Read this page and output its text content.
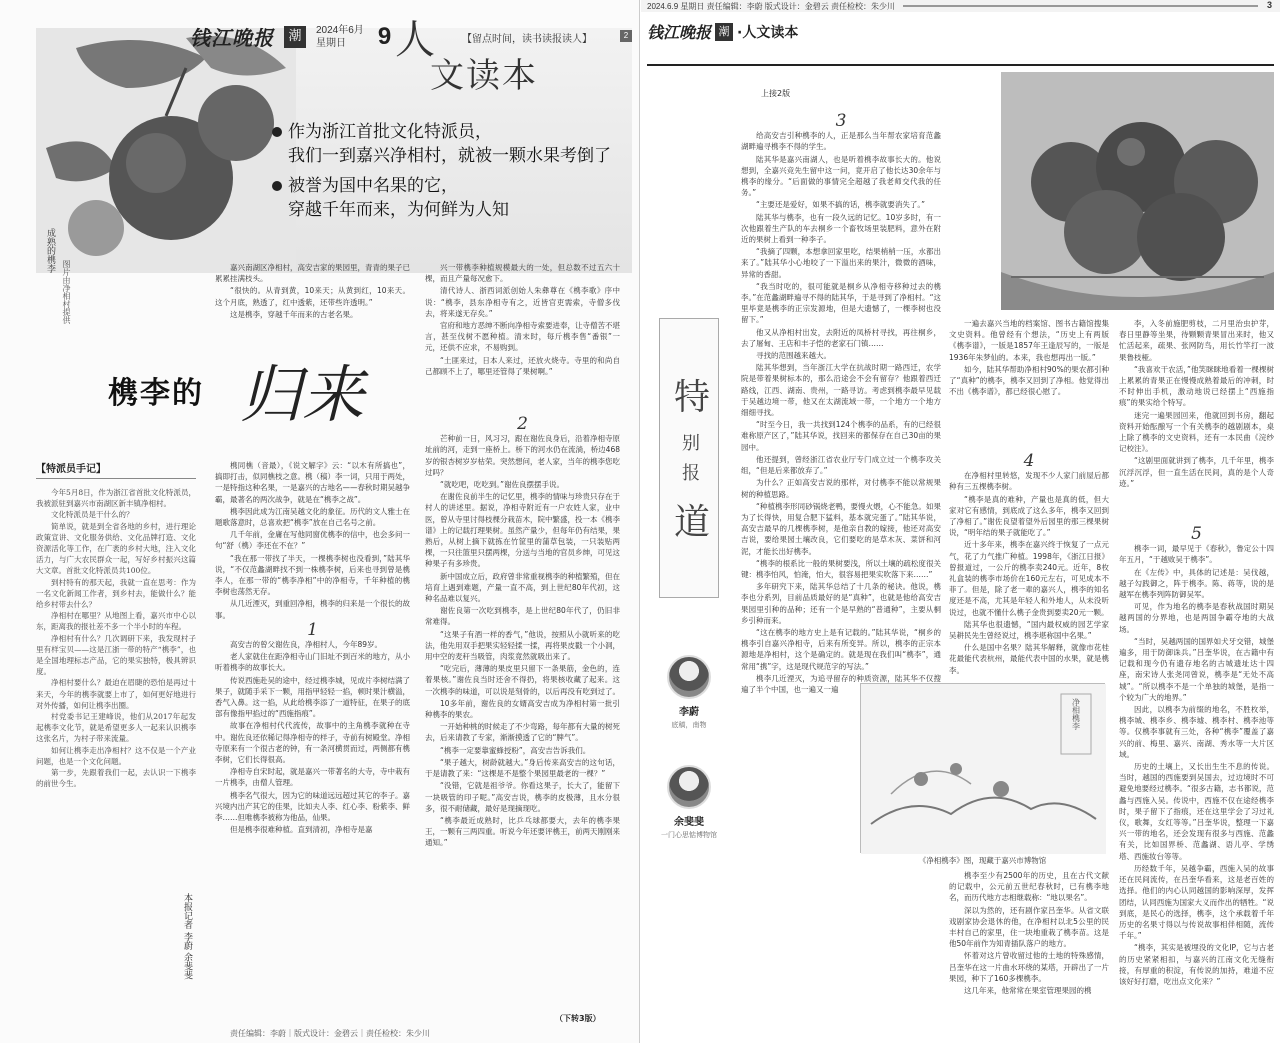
钱江晚报	潮	2024年6月
星期日	9 人
文读本
【留点时间，读书读报读人】	2
作为浙江首批文化特派员，
我们一到嘉兴净相村，就被一颗水果考倒了
被誉为国中名果的它，
穿越千年而来，为何鲜为人知
成熟的槜李
图片由净相村提供
槜李的 归来
【特派员手记】

今年5月8日，作为浙江省首批文化特派员，我被派驻到嘉兴市南湖区新丰镇净相村。

文化特派员是干什么的？

简单说，就是到全省各地的乡村，进行理论政策宣讲、文化服务供给、文化品牌打造、文化资源活化等工作，在广袤的乡村大地，注入文化活力，与广大农民群众一起，写好乡村振兴这篇大文章。首批文化特派员共100位。

到村特有的那天起，我就一直在思考：作为一名文化新闻工作者，到乡村去，能做什么？能给乡村带去什么？

净相村在哪里？从地图上看，嘉兴市中心以东，距离我的报社差不多一个半小时的车程。

净相村有什么？几次调研下来，我发现村子里有样宝贝——这是江浙一带的特产“槜李”，也是全国地理标志产品，它的果实独特，极具辨识度。

净相村要什么？最迫在眉睫的恐怕是再过十来天，今年的槜李就要上市了，如何更好地进行对外传播，如何让槜李出圈。

村党委书记王建峰说，他们从2017年起发起槜李文化节，就是希望更多人一起来认识槜李这张名片，为村子带来流量。

如何让槜李走出净相村？这不仅是一个产业问题，也是一个文化问题。

第一步，先跟着我们一起，去认识一下槜李的前世今生。

本报记者 李蔚 余斐斐

嘉兴南湖区净相村，高安吉家的果园里，青青的果子已累累挂满枝头。

“很快的。从青到黄，10来天；从黄到红，10来天。这个月底，熟透了，红中透紫，还带些许透明。”

这是槜李，穿越千年而来的古老名果。

兴一带槜李种植规模最大的一处，但总数不过五六十棵，而且产量每况愈下。

清代诗人、浙西词派创始人朱彝尊在《槜李歌》序中说：“槜李，县东净相寺有之，近皆官吏需索，寺僧多伐去，将来遂无存矣。”

官府和地方恶绅不断向净相寺索要进奉，让寺僧苦不堪言，甚至伐树不愿种植。清末时，每斤槜李售“番银”一元，还供不应求，不易购到。

“土匪来过，日本人来过，还放火烧寺。寺里的和尚自己都顾不上了，哪里还管得了果树啊。”

槜同樵（音最），《说文解字》云：“以木有所搞也”，搞即打击，似同樵枝之意。槜（稿）李一词，只用于两处，一是特指这种名果，一是嘉兴的古地名——春秋时期吴越争霸，最著名的两次战争，就是在“槜李之战”。

槜李因此成为江南吴越文化的象征。历代的文人雅士在题歌落意时，总喜欢把“槜李”放在自己名号之前。

几千年前，金庸在写他同窗优槜李的信中，也会多问一句“舒（槜）李还在不在？”

“我在那一带找了半天，一棵槜李树也没看到，”陆其华说，“不仅范蠡湖畔找不到一株槜李树，后来也寻到曾是槜李人，在那一带的“槜李净相”中的净相寺，千年种植的槜李树也荡然无存。

从几近湮灭，到重回净相，槜李的归来是一个很长的故事。

1

高安吉的曾父谢佐良，净相村人，今年89岁。

老人家就住在距净相寺山门旧址不到百米的地方，从小听着槜李的故事长大。

传说西施赴吴的途中，经过槜李城，见成片李树结满了果子，就随手采下一颗，用指甲轻轻一掐，顿时果汁横溢，香气入鼻。这一掐，从此给槜李添了一道特征，在果子的底部有像指甲掐过的“西施指痕”。

故事在净相村代代流传，故事中的主角槜李就种在寺中。谢佐良还依稀记得净相寺的样子，寺前有树殿堂。净相寺原来有一个很古老的钟，有一条河横贯而过，两侧都有槜李树，它们长得很高。

净相寺自宋时起，就是嘉兴一带著名的大寺，寺中栽有一片槜李，由僧人管理。

槜李名气很大，因为它的味道远远超过其它的李子。嘉兴境内出产其它的佳果，比如夫人李、红心李、粉紫李、鲜李……但唯槜李被称为他品，仙果。

但是槜李很难种植。直到清初，净相寺是嘉

2

芒种前一日，风习习，跟在谢佐良身后，沿着净相寺原址前的河，走到一座桥上。桥下的河水仍在流淌，桥边468岁的银杏树岁岁枯荣。突然想问，老人家，当年的槜李您吃过吗？

“就吃吧，吃吃到。”谢佐良摆摆手说。

在谢佐良前半生的记忆里，槜李的情味与珍贵只存在于村人的讲述里。据说，净相寺附近有一户农姓人家，业中医，曾从寺里讨得枝棵分栽苗木，院中繁盛，投一本《槜李谱》上的记载打理果树。虽然产量少，但每年仍有结果，果熟后，从树上摘下就拣在竹筐里的蒲草包装，一只装贴两棵，一只往篮里只摆两棵，分送与当地的官员乡绅，可见这种果子有多珍贵。

新中国成立后，政府曾非常重视槜李的种植繁殖，但在培育上遇到难题，产量一直不高，到上世纪80年代初，这种名品难以复兴。

谢佐良第一次吃到槜李，是上世纪80年代了，仍旧非常难得。

“这果子有酒一样的香气，”他说，按照从小就听来的吃法，他先用双手把果实轻轻揉一揉，再将果皮戳一个小洞，用中空的麦秆当吸管，肉浆竟然就吸出来了。

“吃完后，薄薄的果皮里只留下一条果筋，金色的，连着果核。”谢佐良当时还舍不得扔，将果核收藏了起来。这一次槜李的味道，可以说是刻骨的，以后再没有吃到过了。

10多年前，谢佐良的女婿高安吉成为净相村第一批引种槜李的果农。

一开始种桃的时候走了不少弯路，每年都有大量的树死去，后来请教了专家，渐渐摸透了它的“脾气”。

“槜李一定要靠蜜蜂授粉”，高安吉告诉我们。

“果子越大，树龄就越大。”身后传来高安吉的这句话，于是请教了来：“这棵是不是整个果园里最老的一棵？”

“没错，它就是祖爷爷。你看这果子，长大了，能留下一块吸管的印子呢。”高安吉说，槜李的皮极薄，且水分很多，很不耐储藏，最好是现摘现吃。

“槜李最近成熟时，比乒乓球都要大，去年的槜李果王，一颗有三两四重。听说今年还要评槜王，前两天刚刚来通知。”

（下转3版）
责任编辑：李蔚｜版式设计：金碧云｜责任检校：朱少川
2024.6.9 星期日 责任编辑：李蔚 版式设计：金碧云 责任检校：朱少川	3
钱江晚报 潮 ·人文读本
上接2版
特
别
报
道
李蔚
底稿，南物
余斐斐
一门心思惦博物馆
3

给高安吉引种槜李的人，正是那么当年帮农家培育范蠡湖畔遍寻槜李不得的学生。

陆其华是嘉兴南湖人，也是听着槜李故事长大的。他说想到，全嘉兴竞先生留中这一问，竟开启了他长达30余年与槜李的缘分。“后面做的事情完全超越了我老师交代我的任务。”

“主要还是爱好，如果不搞的话，槜李就要消失了。”

陆其华与槜李，也有一段久远的记忆。10岁多时，有一次他跟着生产队的车去桐乡一个畜牧场里装肥料，意外在附近的果树上看到一种李子。

“我摘了四颗，本想拿回家里吃，结果梢梢一压，水都出来了。”陆其华小心地咬了一下溢出来的果汁，微微的酒味，异常的香甜。

“我当时吃的，很可能就是桐乡从净相寺移种过去的槜李。”在范蠡湖畔遍寻不得的陆其华，于是寻到了净相村。“这里毕竟是槜李的正宗发源地，但是大遗憾了，一棵李树也没留下。”

他又从净相村出发，去附近的凤桥村寻找，再往桐乡，去了屠甸、王店和丰子恺的老家石门镇……

寻找的范围越来越大。

陆其华想到，当年浙江大学在抗战时期一路西迁，农学院是带着果树标本的，那么沿途会不会有留存？他跟着西迁路线，江西、湖南、贵州，一路寻访。考虑到槜李最早见载于吴越边境一带，他又在太湖流域一带，一个地方一个地方细细寻找。

“时至今日，我一共找到124个槜李的品系，有的已经很难称原产区了，”陆其华说，找回来的都保存在自己30亩的果园中。

他还提到，曾经浙江省农业厅专门成立过一个槜李攻关组，“但是后来都放弃了。”

为什么？正如高安吉说的那样，对付槜李不能以常规果树的种植思路。

“种植槜李形同砂锅烧老鸭，要慢火煨，心不能急。如果为了长得快，用复合肥下猛料，基本就完蛋了。”陆其华说，高安吉最早的几棵槜李树，是他亲自教的嫁接，他还对高安吉说，要给果园土壤改良，它们要吃的是草木灰、菜饼和河泥，才能长出好槜李。

“槜李的根系比一般的果树要浅，所以土壤的疏松度很关键：槜李怕风，怕淹，怕大，很容易把果实吹落下来……”

多年研究下来，陆其华总结了十几条的秘诀。他说，槜李也分系列，目前品质最好的是“真种”，也就是他给高安吉果园里引种的品种；还有一个是早熟的“普通种”，主要从桐乡引种而来。

“这在槜李的地方史上是有记载的。”陆其华说，“桐乡的槜李引自嘉兴净相寺，后来有所变异。所以，槜李的正宗本源地是净相村，这个是确定的。就是现在我们叫“槜李”，通常用“携”字，这是现代规范字的写法。”

槜李几近湮灭，为追寻留存的种质资源，陆其华不仅搜遍了半个中国，也一遍又一遍

一遍去嘉兴当地的档案馆、图书古籍馆搜集文史资料。他曾经有个想法，“历史上有两版《槜李谱》，一版是1857年王逢辰写的，一版是1936年朱梦仙的。本来，我也想再出一版。”

如今，陆其华帮助净相村90%的果农都引种了“真种”的槜李，槜李又回到了净相。他觉得出不出《槜李谱》，都已经很心慰了。

4

在净相村里转悠，发现不少人家门前屋后都种有三五棵槜李树。

“槜李是真的难种，产量也是真的低，但大家对它有感情，到底成了这么多年，槜李又回到了净相了。”谢佐良望着望外后园里的那三棵果树说，“明年结的果子就能吃了。”

近十多年来，槜李在嘉兴终于恢复了一点元气，花了力气推广种植。1998年，《浙江日报》曾报道过，一公斤的槜李卖240元。近年，8枚礼盒装的槜李市场价在160元左右，可见成本不菲了。但是，除了老一辈的嘉兴人，槜李的知名度还是不高，尤其是年轻人和外地人，从未没听说过，也就不懂什么槜子金贵到要卖20元一颗。

陆其华也很遗憾，“国内最权威的园艺学家吴耕民先生曾经说过，槜李堪称国中名果。”

什么是国中名果？陆其华解释，就像市花桂花最能代表杭州，最能代表中国的水果，就是槜李。

槜李至少有2500年的历史，且在古代文献的记载中，公元前五世纪春秋时，已有槜李地名，而历代地方志相继载称：“地以果名”。

深以为然的，还有剧作家吕奎华。从省文联戏剧家协会退休的他，在净相村以北5公里的民丰村自己的家里，住一块地重栽了槜李苗。这是他50年前作为知青插队落户的地方。

怀着对这片曾收留过他的土地的特殊感情，吕奎华在这一片曲水环绕的某塔，开辟出了一片果园，种下了160多棵槜李。

这几年来，他常常在果室管理果园的槜

净相槜李
《净相槜李》图，现藏于嘉兴市博物馆

李，入冬前施肥剪枝，二月里治虫护芽，春日里静等坐果，待颗颗青果冒出来时，他又忙活起来，疏果、张网防鸟，用长竹竿打一波果鲁枝桠。

“我喜欢干农活，”他笑眯眯地看着一棵棵树上累累的青果正在慢慢成熟着最后的冲刺，时不时伸出手机，激动地说已经摆上“西施指痕”的果实给个特写。

迷完一遍果园回来，他就回到书房，翻起资料开始酝酿写一个有关槜李的越剧剧本，桌上除了槜李的文史资料，还有一本民曲《浣纱记校注》。

“这剧里面就讲到了槜李，几千年里，槜李沉浮沉浮，但一直生活在民间，真的是个人奇迹。”

5

槜李一词，最早见于《春秋》，鲁定公十四年五月，“于越败吴于槜李”。

在《左传》中，具体的记述是：吴伐越，越子勾践御之，阵于槜李。陈、蒋等，说的是越军在槜李列阵防御吴军。

可见，作为地名的槜李是春秋战国时期吴越两国的分界地，也是两国争霸夺地的大战场。

“当时，吴越两国的国界如犬牙交错，城堡遍多，用于防御诛兵。”吕奎华说，在古籍中有记载和现今仍有遗存地名的古城遗址达十四座，南宋诗人张尧同曾说，槜李是“无处不高城”。“所以槜李不是一个单独的城堡，是指一个较为广大的地界。”

因此，以槜李为前缀的地名，不胜枚举，槜李城、槜李乡、槜李墟、槜李村、槜李池等等。仅槜李事就有三处，各种“槜李”覆盖了嘉兴的前、梅里、嘉兴、南湖、秀水等一大片区域。

历史的土壤上，又长出生生不息的传说。当时，越国的西施要到吴国去，过边境时不可避免地要经过槜李。“很多古籍，志书都说，范蠡与西施入吴。传说中，西施不仅在途经槜李时，果子留下了指痕，还在这里学会了习过礼仪，歌舞，女红等等。”吕奎华说，整理一下嘉兴一带的地名，还会发现有很多与西施、范蠡有关，比如国界桥、范蠡湖、语儿亭、学绣塔、西施妆台等等。

历经数千年，吴越争霸，西施入吴的故事还在民间流传，在吕奎华看来，这是老百姓的选择。他们的内心认同越国的影响深厚，发挥团结，认同西施为国家大义而作出的牺牲。“说到底，是民心的选择，槜李，这个承载着千年历史的名果寸得以与传说故事相伴相随，流传千年。”

“槜李，其实是被埋没的文化IP，它与古老的历史紧紧相扣，与嘉兴的江南文化无缝衔接，有厚重的积淀，有传说的加持，难道不应该好好打磨，吃出点文化来？”
